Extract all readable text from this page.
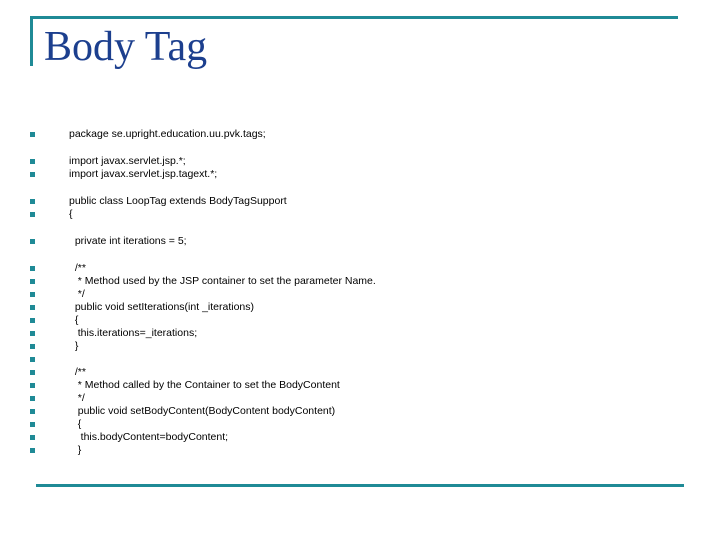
Body Tag
package se.upright.education.uu.pvk.tags;
import javax.servlet.jsp.*;
import javax.servlet.jsp.tagext.*;
public class LoopTag extends BodyTagSupport
{
private int iterations = 5;
/**
* Method used by the JSP container to set the parameter Name.
*/
public void setIterations(int _iterations)
{
this.iterations=_iterations;
}
/**
* Method called by the Container to set the BodyContent
*/
public void setBodyContent(BodyContent bodyContent)
{
this.bodyContent=bodyContent;
}
